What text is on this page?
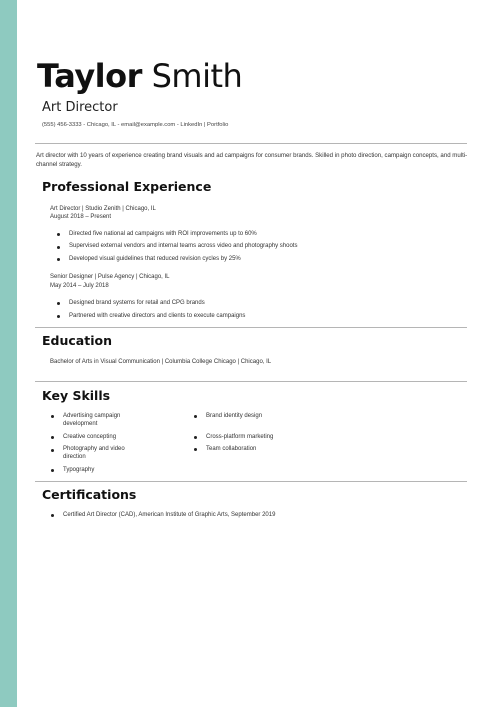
Taylor Smith
Art Director
(555) 456-3333 - Chicago, IL - email@example.com - LinkedIn | Portfolio
Art director with 10 years of experience creating brand visuals and ad campaigns for consumer brands. Skilled in photo direction, campaign concepts, and multi-channel strategy.
Professional Experience
Art Director | Studio Zenith | Chicago, IL
August 2018 – Present
Directed five national ad campaigns with ROI improvements up to 60%
Supervised external vendors and internal teams across video and photography shoots
Developed visual guidelines that reduced revision cycles by 25%
Senior Designer | Pulse Agency | Chicago, IL
May 2014 – July 2018
Designed brand systems for retail and CPG brands
Partnered with creative directors and clients to execute campaigns
Education
Bachelor of Arts in Visual Communication | Columbia College Chicago | Chicago, IL
Key Skills
Advertising campaign development
Creative concepting
Photography and video direction
Typography
Brand identity design
Cross-platform marketing
Team collaboration
Certifications
Certified Art Director (CAD), American Institute of Graphic Arts, September 2019
